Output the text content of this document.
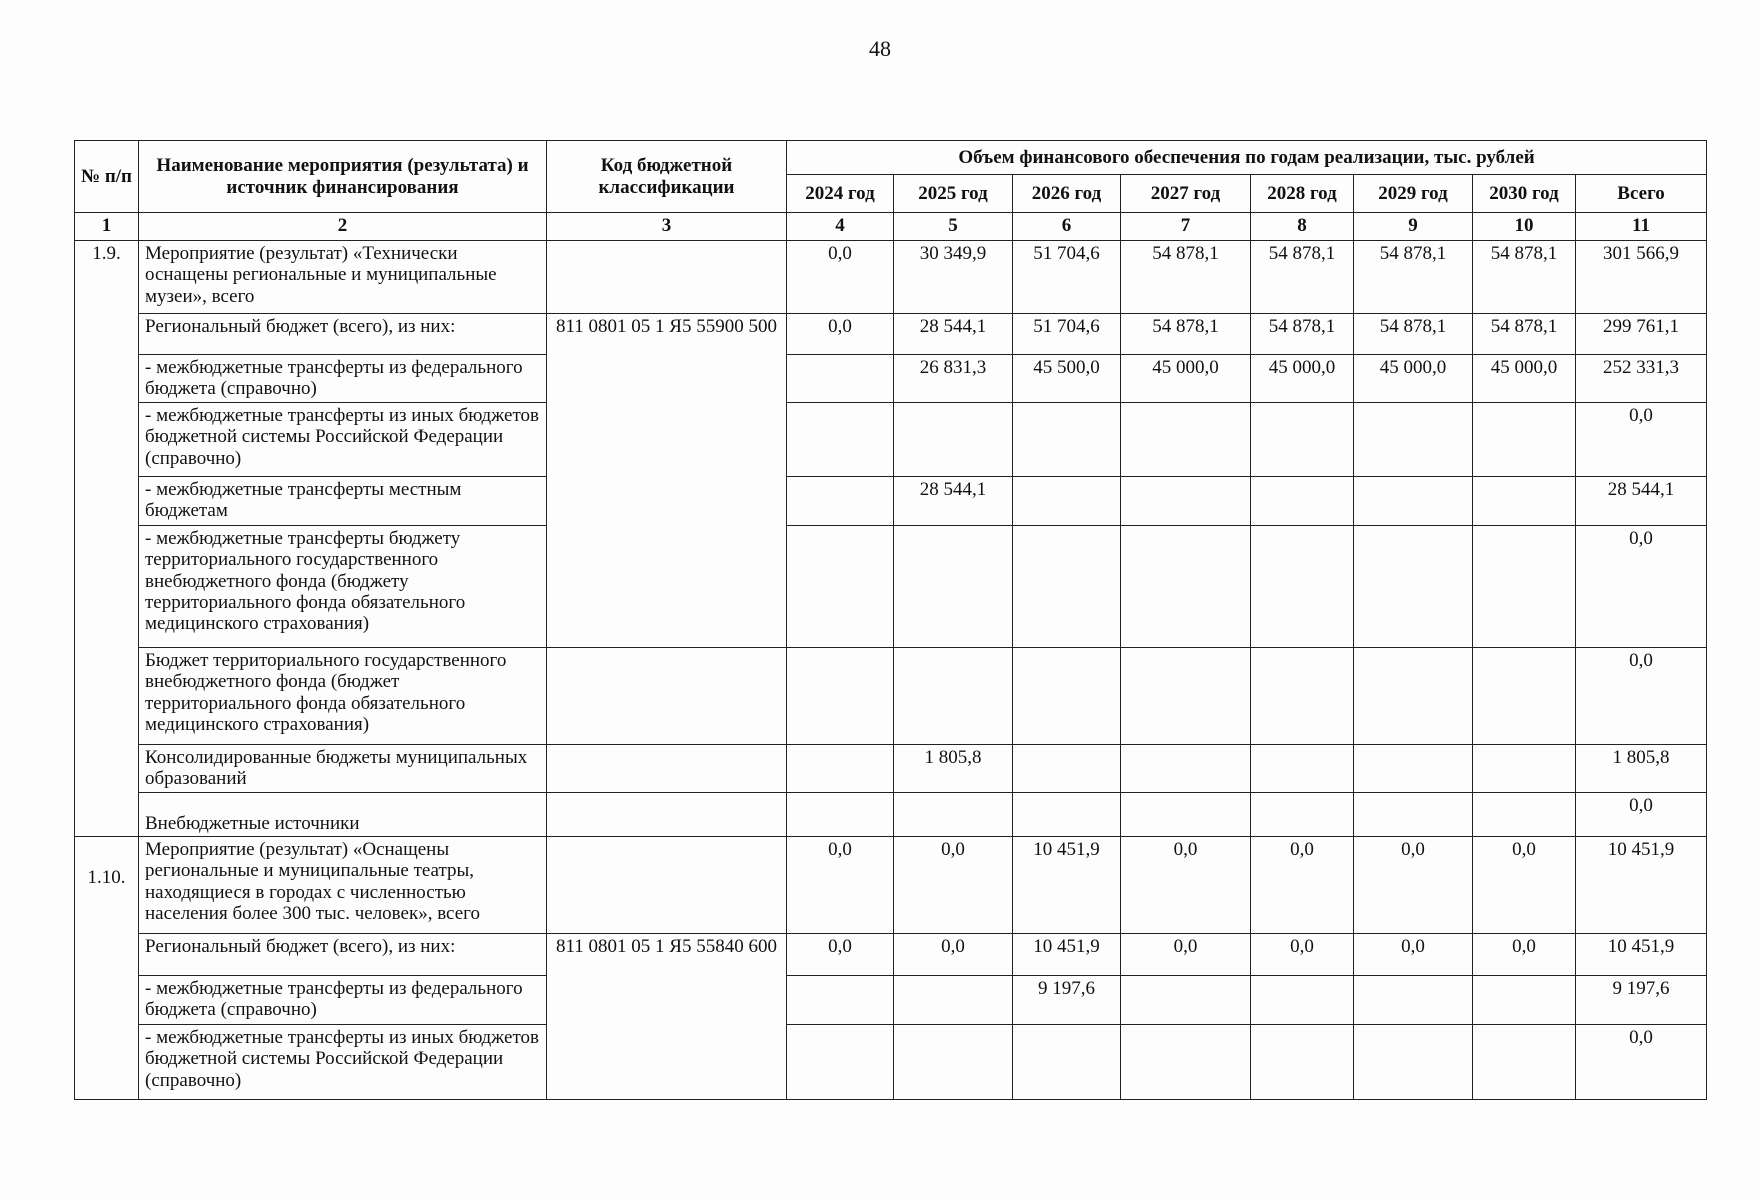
48
№ п/п	Наименование мероприятия (результата) и источник финансирования	Код бюджетной классификации	Объем финансового обеспечения по годам реализации, тыс. рублей							
			2024 год	2025 год	2026 год	2027 год	2028 год	2029 год	2030 год	Всего
1	2	3	4	5	6	7	8	9	10	11
1.9.	Мероприятие (результат) «Технически оснащены региональные и муниципальные музеи», всего		0,0	30 349,9	51 704,6	54 878,1	54 878,1	54 878,1	54 878,1	301 566,9
	Региональный бюджет (всего), из них:	811 0801 05 1 Я5 55900 500	0,0	28 544,1	51 704,6	54 878,1	54 878,1	54 878,1	54 878,1	299 761,1
	- межбюджетные трансферты из федерального бюджета (справочно)			26 831,3	45 500,0	45 000,0	45 000,0	45 000,0	45 000,0	252 331,3
	- межбюджетные трансферты из иных бюджетов бюджетной системы Российской Федерации (справочно)									0,0
	- межбюджетные трансферты местным бюджетам			28 544,1						28 544,1
	- межбюджетные трансферты бюджету территориального государственного внебюджетного фонда (бюджету территориального фонда обязательного медицинского страхования)									0,0
	Бюджет территориального государственного внебюджетного фонда (бюджет территориального фонда обязательного медицинского страхования)									0,0
	Консолидированные бюджеты муниципальных образований			1 805,8						1 805,8
	Внебюджетные источники									0,0
1.10.	Мероприятие (результат) «Оснащены региональные и муниципальные театры, находящиеся в городах с численностью населения более 300 тыс. человек», всего		0,0	0,0	10 451,9	0,0	0,0	0,0	0,0	10 451,9
	Региональный бюджет (всего), из них:	811 0801 05 1 Я5 55840 600	0,0	0,0	10 451,9	0,0	0,0	0,0	0,0	10 451,9
	- межбюджетные трансферты из федерального бюджета (справочно)				9 197,6					9 197,6
	- межбюджетные трансферты из иных бюджетов бюджетной системы Российской Федерации (справочно)									0,0
